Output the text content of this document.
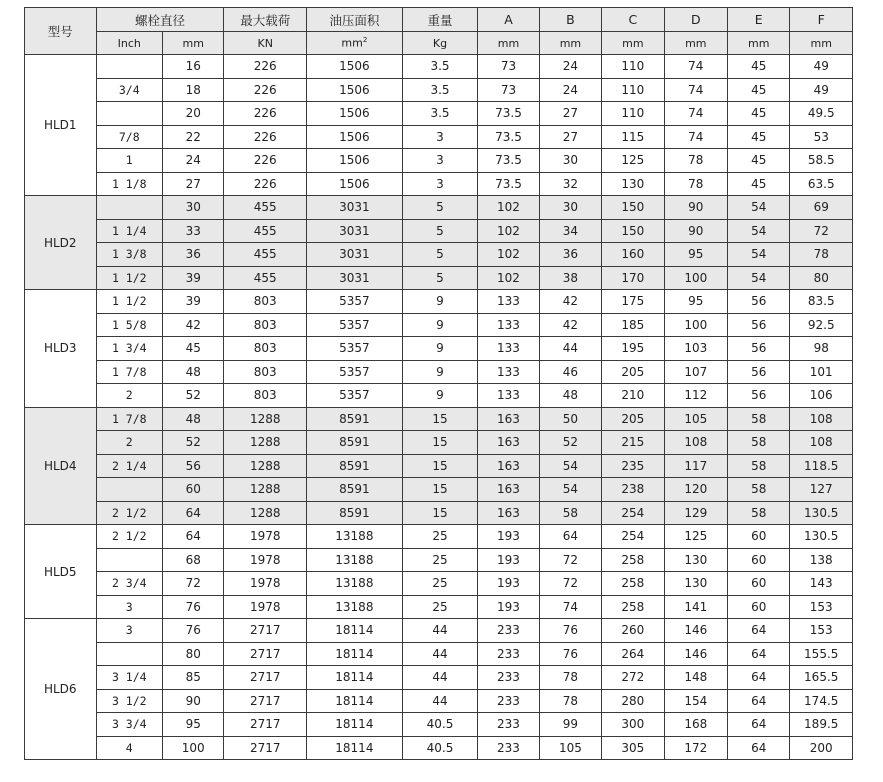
型号	螺栓直径		最大载荷	油压面积	重量	A	B	C	D	E	F
	Inch	mm	KN	$mm^2$	Kg	mm	mm	mm	mm	mm	mm
HLD1		16	226	1506	3.5	73	24	110	74	45	49
	3/4	18	226	1506	3.5	73	24	110	74	45	49
		20	226	1506	3.5	73.5	27	110	74	45	49.5
	7/8	22	226	1506	3	73.5	27	115	74	45	53
	1	24	226	1506	3	73.5	30	125	78	45	58.5
	1 1/8	27	226	1506	3	73.5	32	130	78	45	63.5
HLD2		30	455	3031	5	102	30	150	90	54	69
	1 1/4	33	455	3031	5	102	34	150	90	54	72
	1 3/8	36	455	3031	5	102	36	160	95	54	78
	1 1/2	39	455	3031	5	102	38	170	100	54	80
HLD3	1 1/2	39	803	5357	9	133	42	175	95	56	83.5
	1 5/8	42	803	5357	9	133	42	185	100	56	92.5
	1 3/4	45	803	5357	9	133	44	195	103	56	98
	1 7/8	48	803	5357	9	133	46	205	107	56	101
	2	52	803	5357	9	133	48	210	112	56	106
HLD4	1 7/8	48	1288	8591	15	163	50	205	105	58	108
	2	52	1288	8591	15	163	52	215	108	58	108
	2 1/4	56	1288	8591	15	163	54	235	117	58	118.5
		60	1288	8591	15	163	54	238	120	58	127
	2 1/2	64	1288	8591	15	163	58	254	129	58	130.5
HLD5	2 1/2	64	1978	13188	25	193	64	254	125	60	130.5
		68	1978	13188	25	193	72	258	130	60	138
	2 3/4	72	1978	13188	25	193	72	258	130	60	143
	3	76	1978	13188	25	193	74	258	141	60	153
HLD6	3	76	2717	18114	44	233	76	260	146	64	153
		80	2717	18114	44	233	76	264	146	64	155.5
	3 1/4	85	2717	18114	44	233	78	272	148	64	165.5
	3 1/2	90	2717	18114	44	233	78	280	154	64	174.5
	3 3/4	95	2717	18114	40.5	233	99	300	168	64	189.5
	4	100	2717	18114	40.5	233	105	305	172	64	200
